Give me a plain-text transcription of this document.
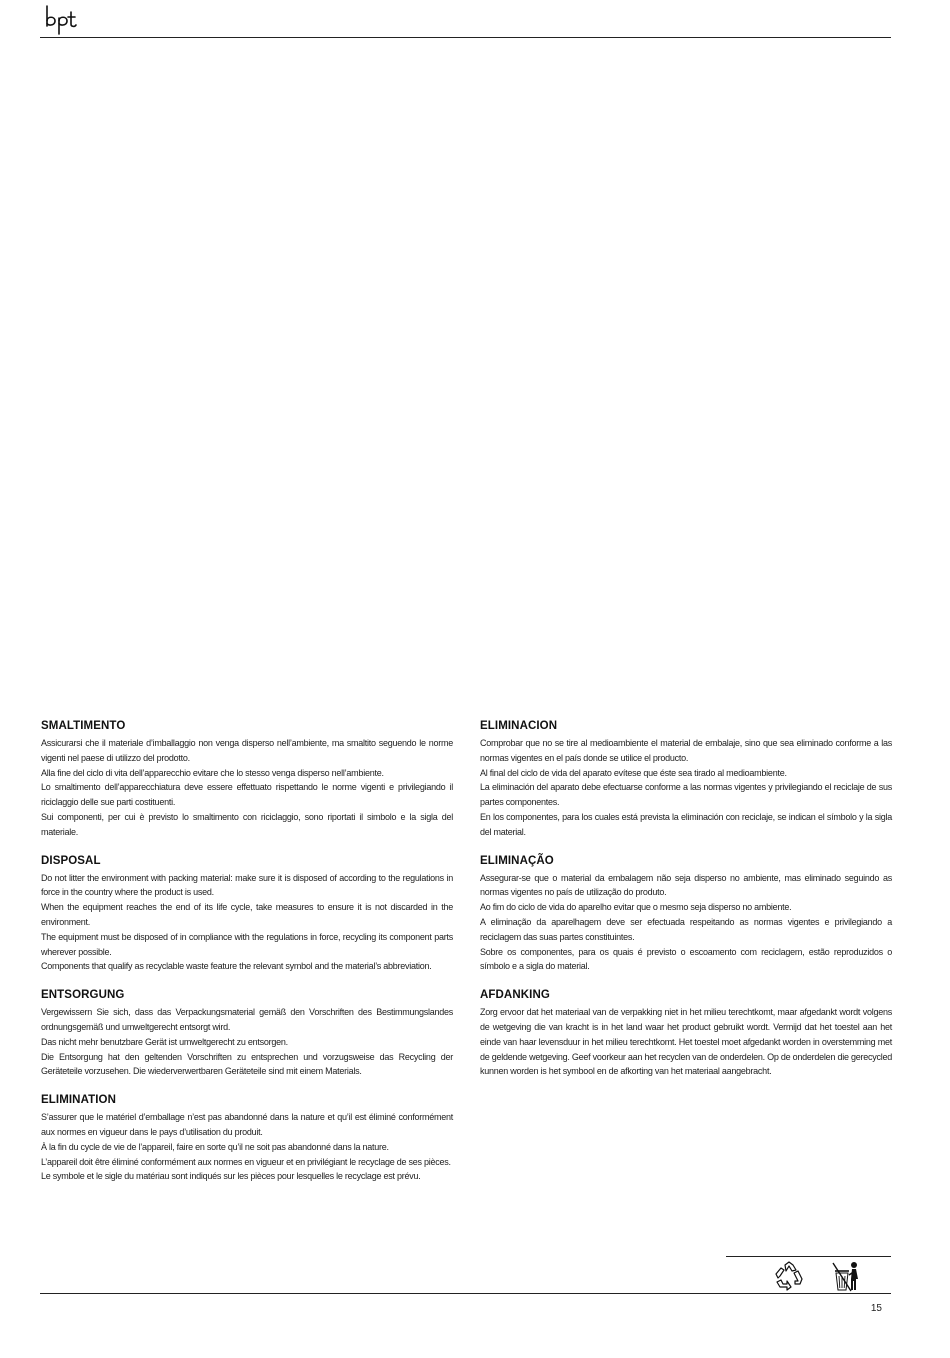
SMALTIMENTO

Assicurarsi che il materiale d’imballaggio non venga disperso nell’ambiente, ma smaltito seguendo le norme vigenti nel paese di utilizzo del prodotto.

Alla fine del ciclo di vita dell’apparecchio evitare che lo stesso venga disperso nell’ambiente.

Lo smaltimento dell’apparecchiatura deve essere effettuato rispettando le norme vigenti e privilegiando il riciclaggio delle sue parti costituenti.

Sui componenti, per cui è previsto lo smaltimento con riciclaggio, sono riportati il simbolo e la sigla del materiale.

DISPOSAL

Do not litter the environment with packing material: make sure it is disposed of according to the regulations in force in the country where the product is used.

When the equipment reaches the end of its life cycle, take measures to ensure it is not discarded in the environment.

The equipment must be disposed of in compliance with the regulations in force, recycling its component parts wherever possible.

Components that qualify as recyclable waste feature the relevant symbol and the material’s abbreviation.

ENTSORGUNG

Vergewissern Sie sich, dass das Verpackungsmaterial gemäß den Vorschriften des Bestimmungslandes ordnungsgemäß und umweltgerecht entsorgt wird.

Das nicht mehr benutzbare Gerät ist umweltgerecht zu entsorgen.

Die Entsorgung hat den geltenden Vorschriften zu entsprechen und vorzugsweise das Recycling der Geräteteile vorzusehen. Die wiederverwertbaren Geräteteile sind mit einem Materials.

ELIMINATION

S’assurer que le matériel d’emballage n’est pas abandonné dans la nature et qu’il est éliminé conformément aux normes en vigueur dans le pays d’utilisation du produit.

À la fin du cycle de vie de l’appareil, faire en sorte qu’il ne soit pas abandonné dans la nature.

L’appareil doit être éliminé conformément aux normes en vigueur et en privilégiant le recyclage de ses pièces.

Le symbole et le sigle du matériau sont indiqués sur les pièces pour lesquelles le recyclage est prévu.

ELIMINACION

Comprobar que no se tire al medioambiente el material de embalaje, sino que sea eliminado conforme a las normas vigentes en el país donde se utilice el producto.

Al final del ciclo de vida del aparato evítese que éste sea tirado al medioambiente.

La eliminación del aparato debe efectuarse conforme a las normas vigentes y privilegiando el reciclaje de sus partes componentes.

En los componentes, para los cuales está prevista la eliminación con reciclaje, se indican el símbolo y la sigla del material.

ELIMINAÇÃO

Assegurar-se que o material da embalagem não seja disperso no ambiente, mas eliminado seguindo as normas vigentes no país de utilização do produto.

Ao fim do ciclo de vida do aparelho evitar que o mesmo seja disperso no ambiente.

A eliminação da aparelhagem deve ser efectuada respeitando as normas vigentes e privilegiando a reciclagem das suas partes constituintes.

Sobre os componentes, para os quais é previsto o escoamento com reciclagem, estão reproduzidos o símbolo e a sigla do material.

AFDANKING

Zorg ervoor dat het materiaal van de verpakking niet in het milieu terechtkomt, maar afgedankt wordt volgens de wetgeving die van kracht is in het land waar het product gebruikt wordt. Vermijd dat het toestel aan het einde van haar levensduur in het milieu terechtkomt. Het toestel moet afgedankt worden in overstemming met de geldende wetgeving. Geef voorkeur aan het recyclen van de onderdelen. Op de onderdelen die gerecycled kunnen worden is het symbool en de afkorting van het materiaal aangebracht.

15
